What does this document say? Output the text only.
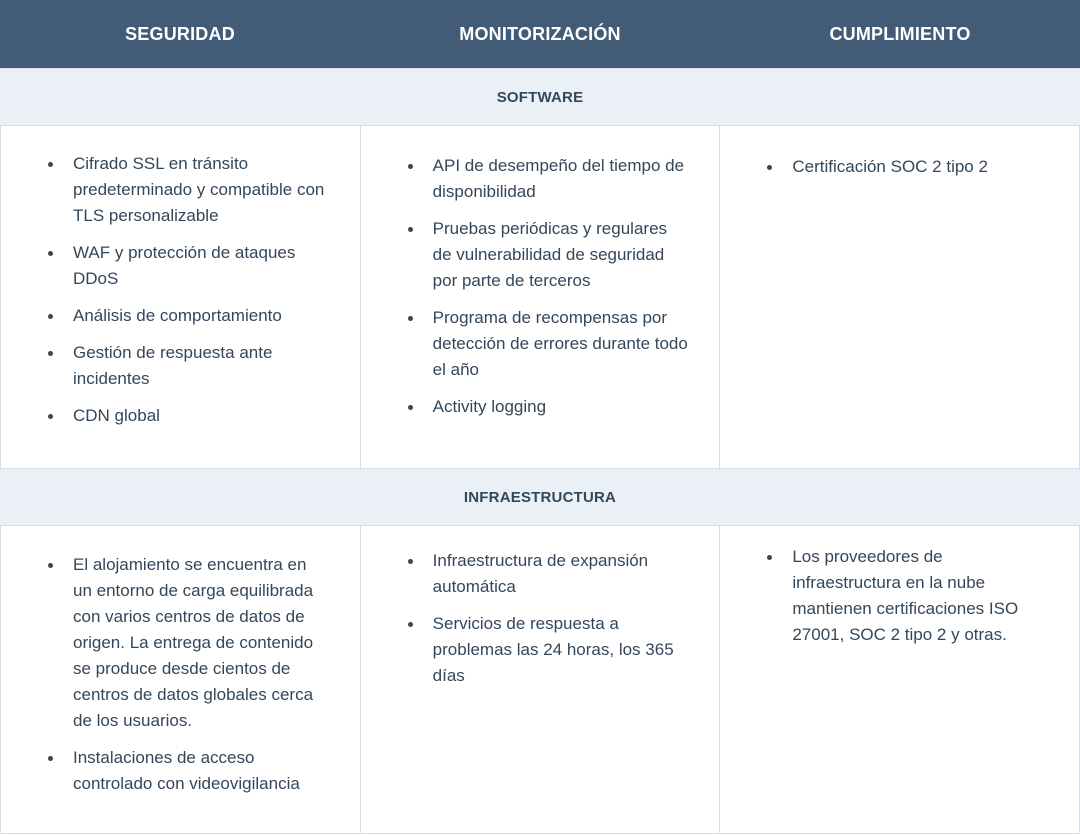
SEGURIDAD	MONITORIZACIÓN	CUMPLIMIENTO
SOFTWARE
Cifrado SSL en tránsito predeterminado y compatible con TLS personalizable
WAF y protección de ataques DDoS
Análisis de comportamiento
Gestión de respuesta ante incidentes
CDN global
API de desempeño del tiempo de disponibilidad
Pruebas periódicas y regulares de vulnerabilidad de seguridad por parte de terceros
Programa de recompensas por detección de errores durante todo el año
Activity logging
Certificación SOC 2 tipo 2
INFRAESTRUCTURA
El alojamiento se encuentra en un entorno de carga equilibrada con varios centros de datos de origen. La entrega de contenido se produce desde cientos de centros de datos globales cerca de los usuarios.
Instalaciones de acceso controlado con videovigilancia
Infraestructura de expansión automática
Servicios de respuesta a problemas las 24 horas, los 365 días
Los proveedores de infraestructura en la nube mantienen certificaciones ISO 27001, SOC 2 tipo 2 y otras.
